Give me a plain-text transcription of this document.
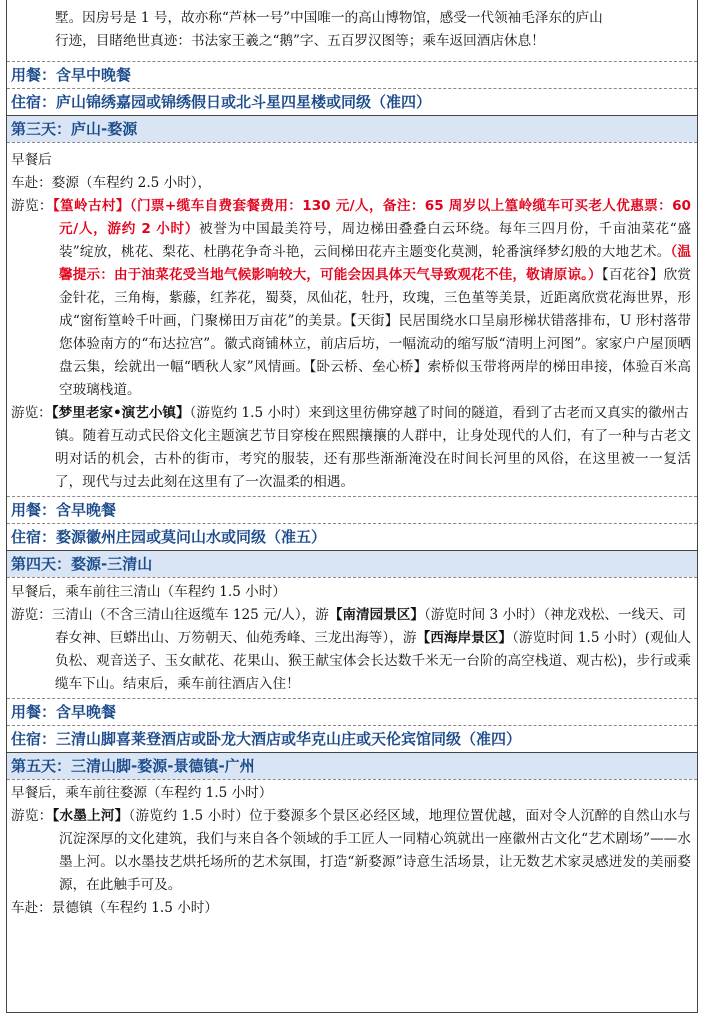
墅。因房号是 1 号，故亦称“芦林一号”中国唯一的高山博物馆，感受一代领袖毛泽东的庐山
行迹，目睹绝世真迹：书法家王羲之“鹅”字、五百罗汉图等；乘车返回酒店休息！
用餐：含早中晚餐
住宿：庐山锦绣嘉园或锦绣假日或北斗星四星楼或同级（准四）
第三天：庐山-婺源
早餐后
车赴：婺源（车程约 2.5 小时），
游览：【篁岭古村】（门票+缆车自费套餐费用：130 元/人，备注：65 周岁以上篁岭缆车可买老人优惠票：60 元/人，游约 2 小时）被誉为中国最美符号，周边梯田叠叠白云环绕。每年三四月份，千亩油菜花“盛装”绽放，桃花、梨花、杜鹃花争奇斗艳，云间梯田花卉主题变化莫测，轮番演绎梦幻般的大地艺术。（温馨提示：由于油菜花受当地气候影响较大，可能会因具体天气导致观花不佳，敬请原谅。）【百花谷】欣赏金针花，三角梅，紫藤，红荞花，蜀葵，凤仙花，牡丹，玫瑰，三色堇等美景，近距离欣赏花海世界，形成“窗衔篁岭千叶画，门聚梯田万亩花”的美景。【天街】民居围绕水口呈扇形梯状错落排布，U 形村落带您体验南方的“布达拉宫”。徽式商铺林立，前店后坊，一幅流动的缩写版“清明上河图”。家家户户屋顶晒盘云集，绘就出一幅“晒秋人家”风情画。【卧云桥、垒心桥】索桥似玉带将两岸的梯田串接，体验百米高空玻璃栈道。
游览：【梦里老家•演艺小镇】（游览约 1.5 小时）来到这里彷佛穿越了时间的隧道，看到了古老而又真实的徽州古
镇。随着互动式民俗文化主题演艺节目穿梭在熙熙攘攘的人群中，让身处现代的人们，有了一种与古老文明对话的机会，古朴的街市，考究的服装，还有那些渐渐淹没在时间长河里的风俗，在这里被一一复活了，现代与过去此刻在这里有了一次温柔的相遇。
用餐：含早晚餐
住宿：婺源徽州庄园或莫问山水或同级（准五）
第四天：婺源-三清山
早餐后，乘车前往三清山（车程约 1.5 小时）
游览：三清山（不含三清山往返缆车 125 元/人），游【南清园景区】（游览时间 3 小时）（神龙戏松、一线天、司
春女神、巨蟒出山、万笏朝天、仙苑秀峰、三龙出海等），游【西海岸景区】（游览时间 1.5 小时）(观仙人负松、观音送子、玉女献花、花果山、猴王献宝体会长达数千米无一台阶的高空栈道、观古松)，步行或乘缆车下山。结束后，乘车前往酒店入住！
用餐：含早晚餐
住宿：三清山脚喜莱登酒店或卧龙大酒店或华克山庄或天伦宾馆同级（准四）
第五天：三清山脚-婺源-景德镇-广州
早餐后，乘车前往婺源（车程约 1.5 小时）
游览：【水墨上河】（游览约 1.5 小时）位于婺源多个景区必经区域，地理位置优越，面对令人沉醉的自然山水与沉淀深厚的文化建筑，我们与来自各个领域的手工匠人一同精心筑就出一座徽州古文化“艺术剧场”——水墨上河。以水墨技艺烘托场所的艺术氛围，打造“新婺源”诗意生活场景，让无数艺术家灵感迸发的美丽婺源，在此触手可及。
车赴：景德镇（车程约 1.5 小时）
